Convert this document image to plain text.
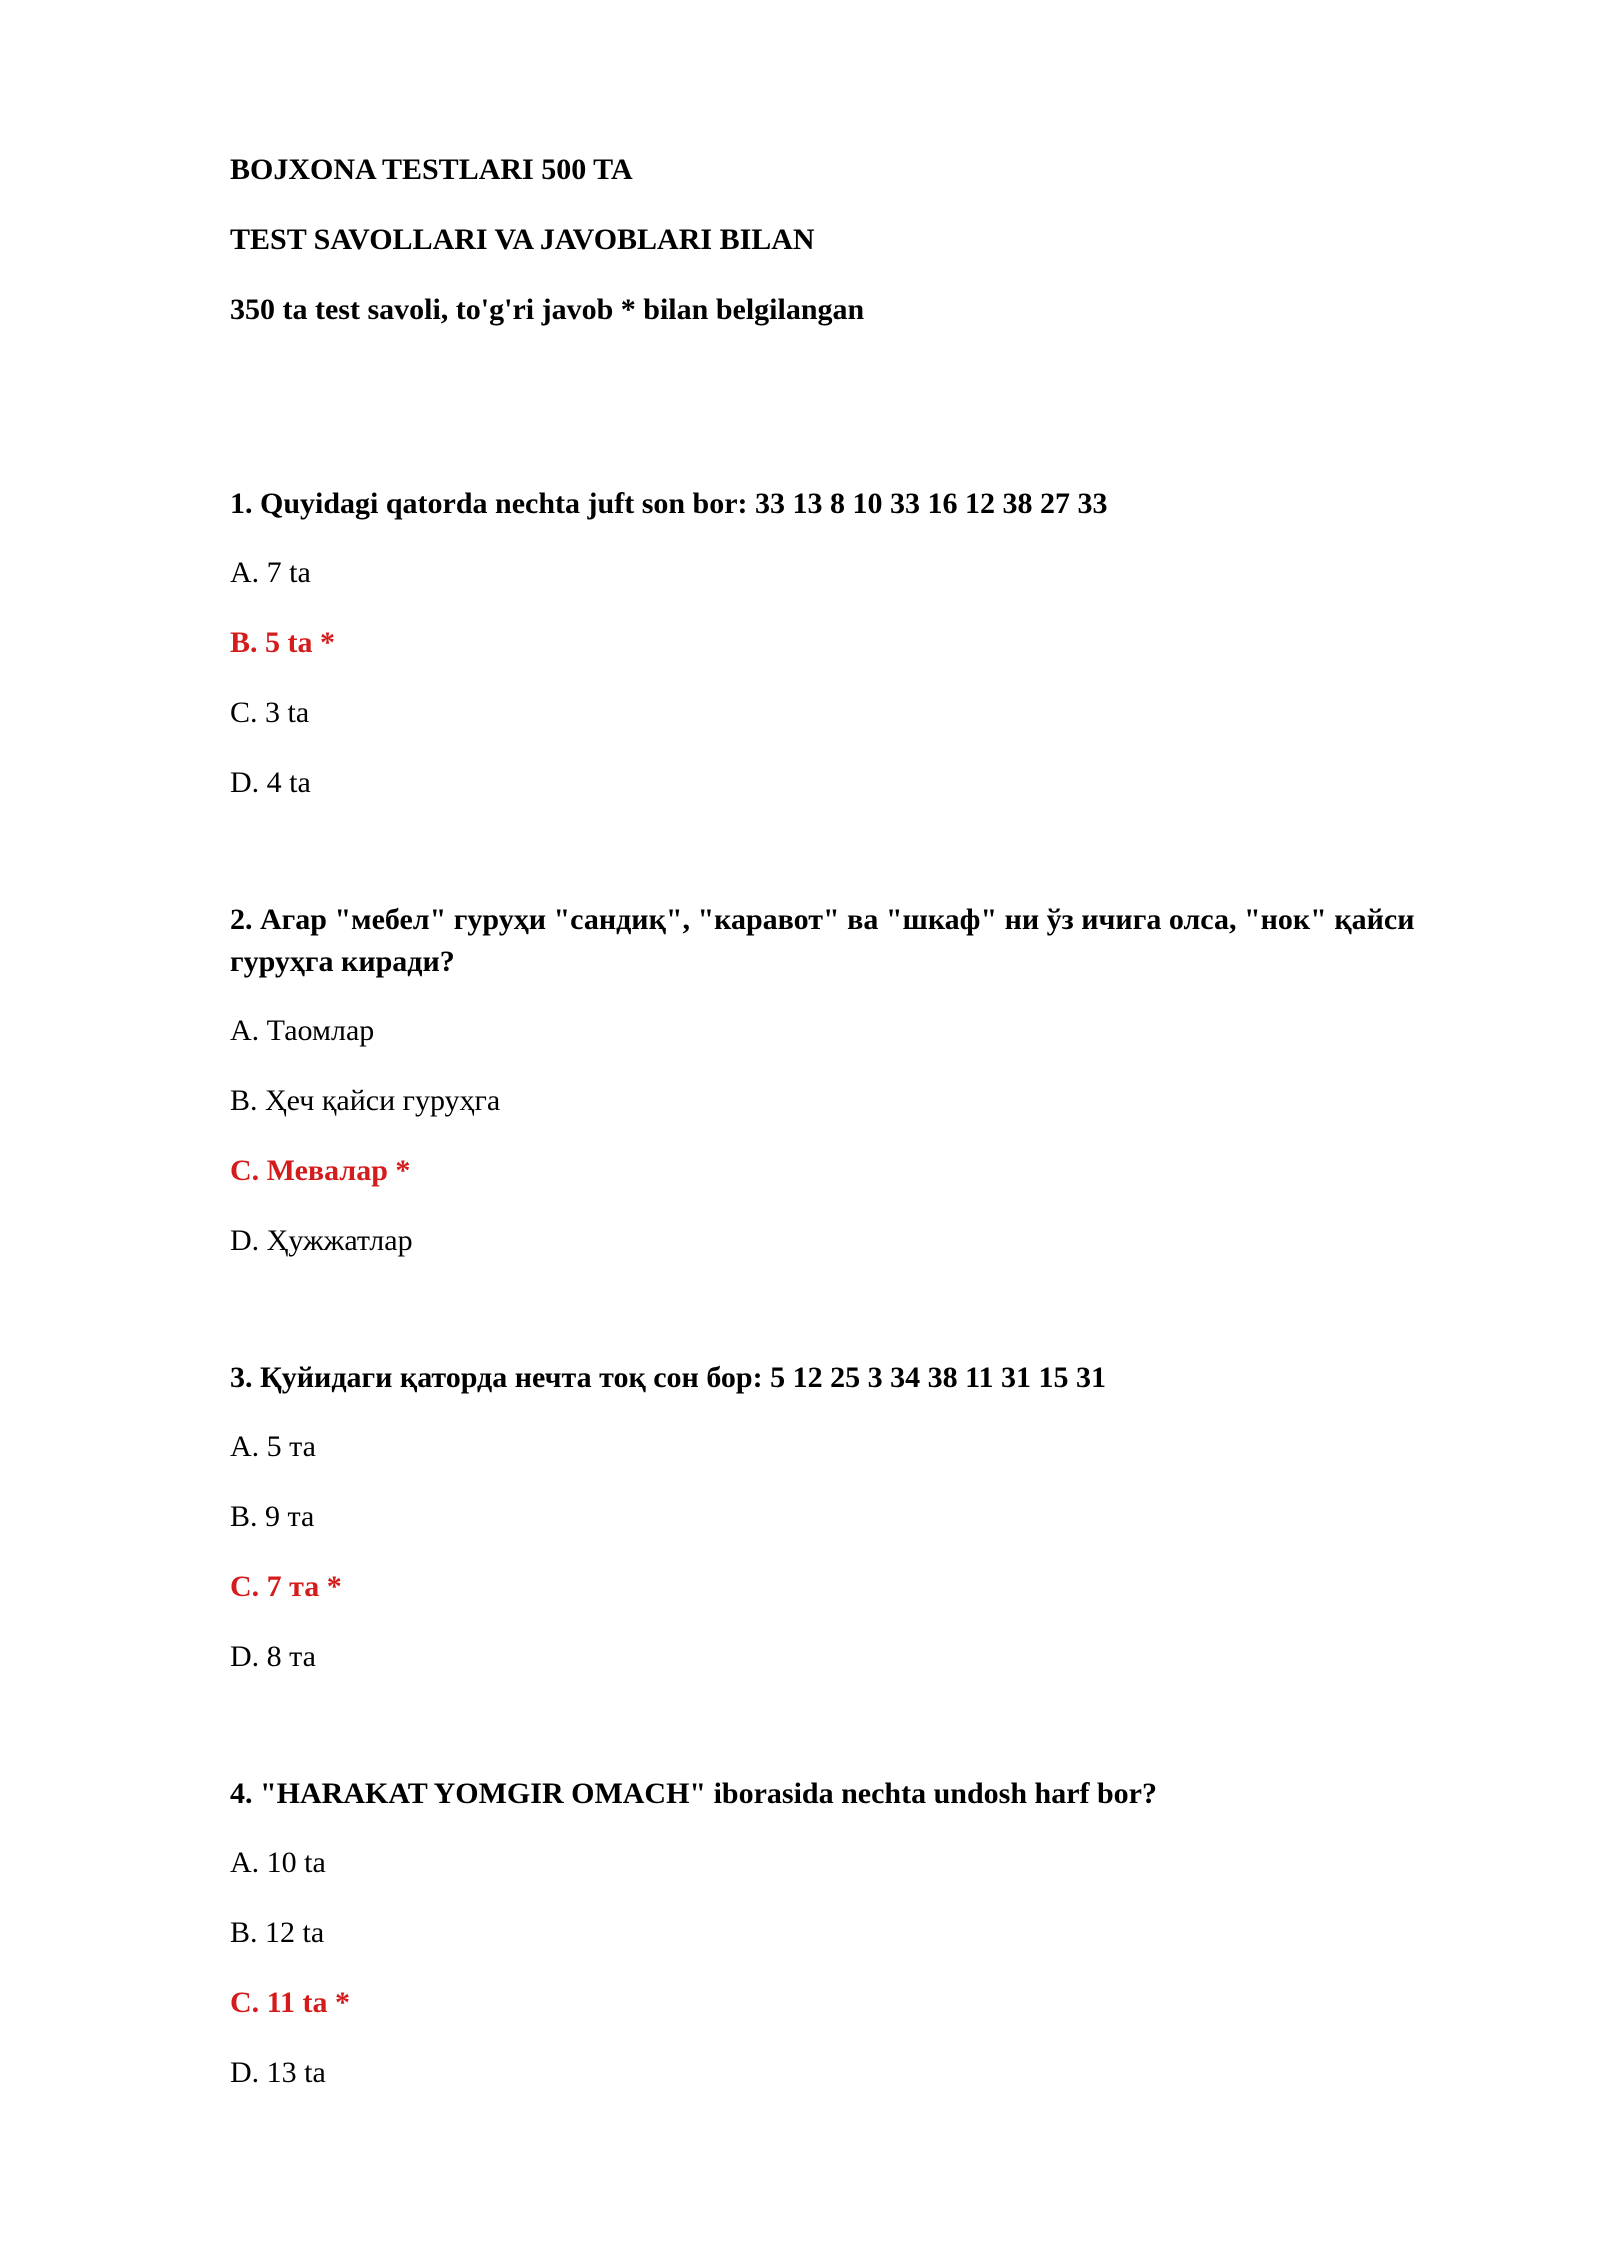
BOJXONA TESTLARI 500 TA
TEST SAVOLLARI VA JAVOBLARI BILAN
350 ta test savoli, to'g'ri javob * bilan belgilangan
1. Quyidagi qatorda nechta juft son bor: 33 13 8 10 33 16 12 38 27 33
A. 7 ta
B. 5 ta *
C. 3 ta
D. 4 ta
2. Агар "мебел" гуруҳи "сандиқ", "каравот" ва "шкаф" ни ўз ичига олса, "нок" қайси гуруҳга киради?
A. Таомлар
B. Ҳеч қайси гуруҳга
C. Мевалар *
D. Ҳужжатлар
3. Қуйидаги қаторда нечта тоқ сон бор: 5 12 25 3 34 38 11 31 15 31
A. 5 та
B. 9 та
C. 7 та *
D. 8 та
4. "HARAKAT YOMGIR OMACH" iborasida nechta undosh harf bor?
A. 10 ta
B. 12 ta
C. 11 ta *
D. 13 ta
